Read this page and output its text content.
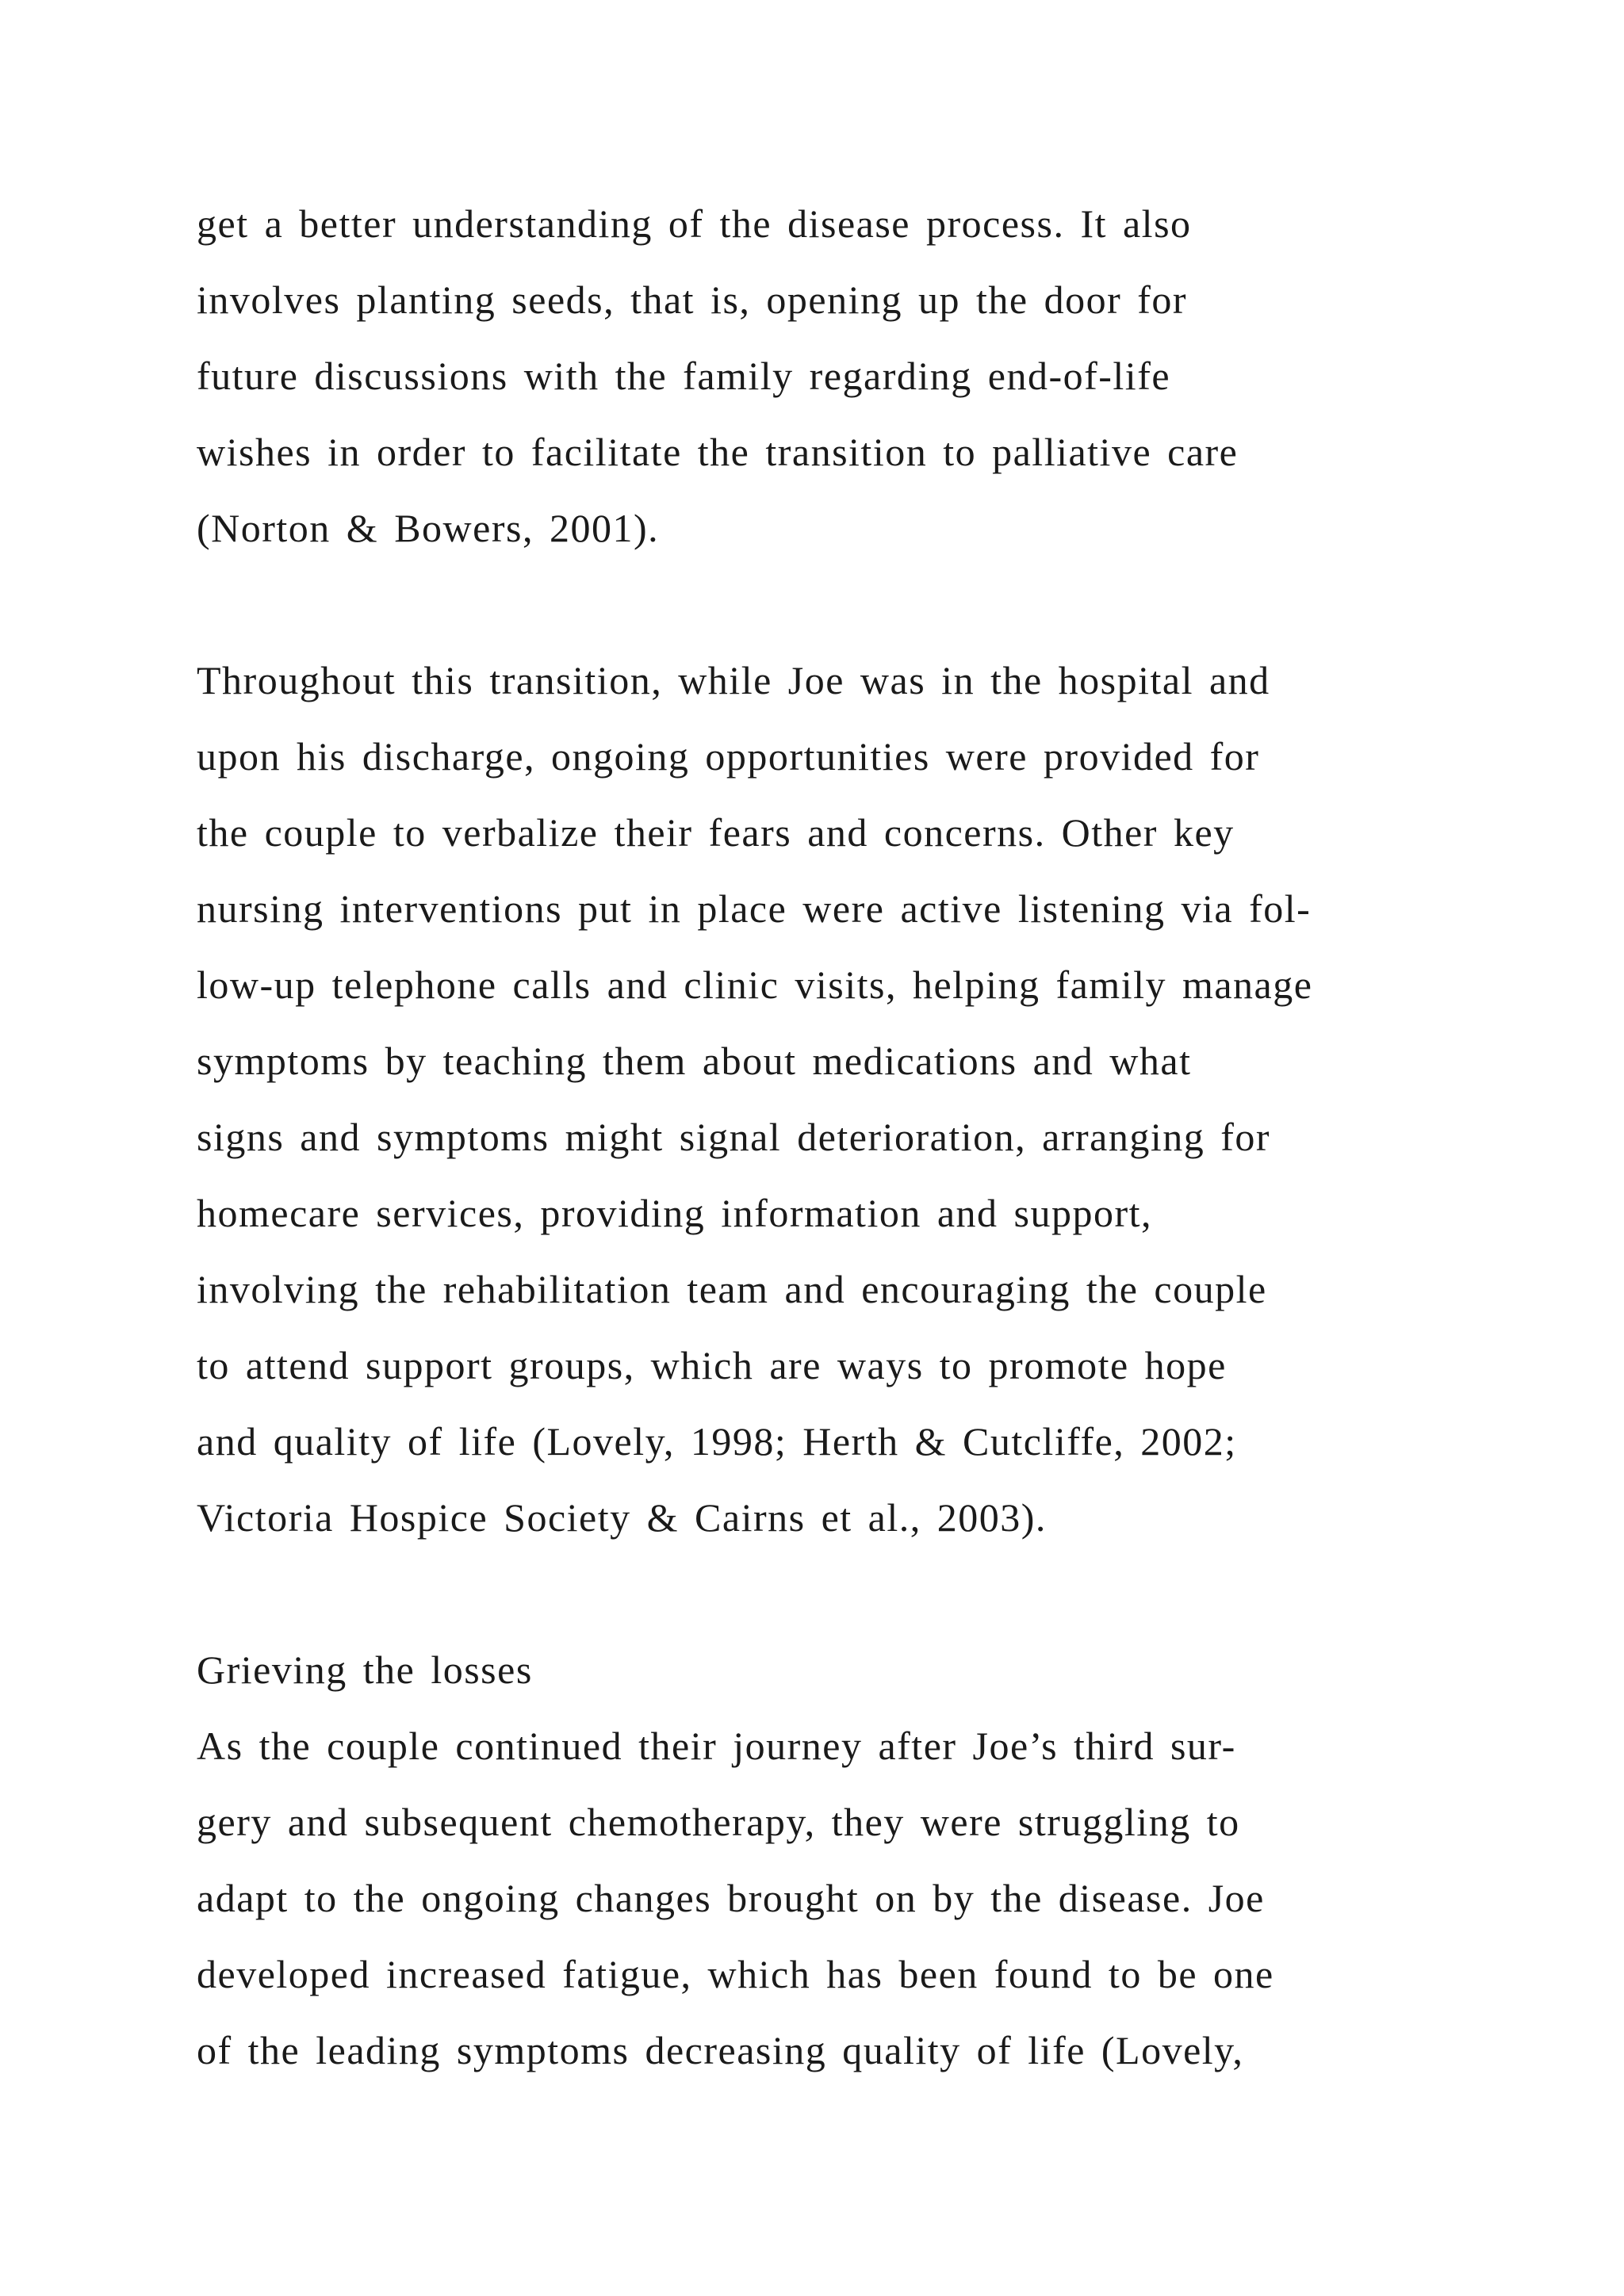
get a better understanding of the disease process. It also
involves planting seeds, that is, opening up the door for
future discussions with the family regarding end-of-life
wishes in order to facilitate the transition to palliative care
(Norton & Bowers, 2001).
Throughout this transition, while Joe was in the hospital and
upon his discharge, ongoing opportunities were provided for
the couple to verbalize their fears and concerns. Other key
nursing interventions put in place were active listening via fol-
low-up telephone calls and clinic visits, helping family manage
symptoms by teaching them about medications and what
signs and symptoms might signal deterioration, arranging for
homecare services, providing information and support,
involving the rehabilitation team and encouraging the couple
to attend support groups, which are ways to promote hope
and quality of life (Lovely, 1998; Herth & Cutcliffe, 2002;
Victoria Hospice Society & Cairns et al., 2003).
Grieving the losses
As the couple continued their journey after Joe’s third sur-
gery and subsequent chemotherapy, they were struggling to
adapt to the ongoing changes brought on by the disease. Joe
developed increased fatigue, which has been found to be one
of the leading symptoms decreasing quality of life (Lovely,
